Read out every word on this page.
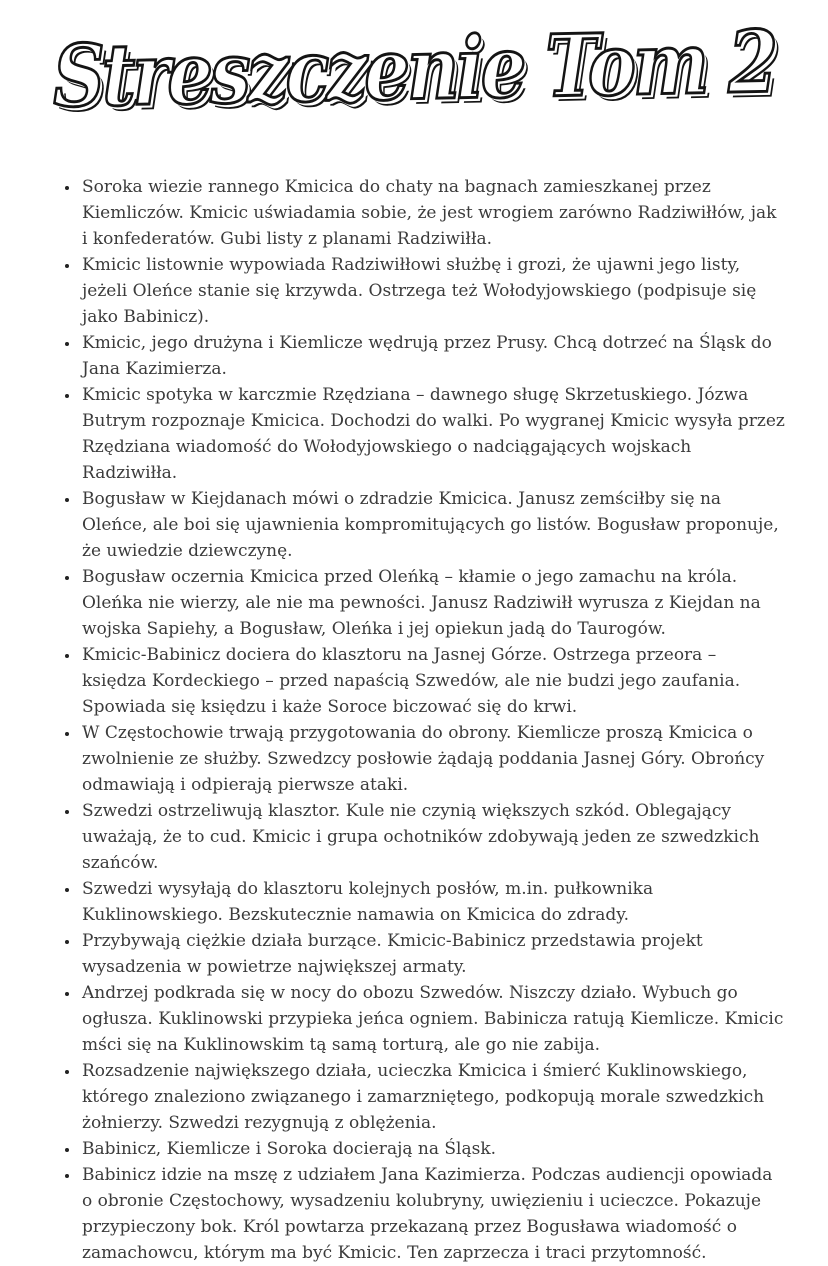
Streszczenie Tom 2
• Soroka wiezie rannego Kmicica do chaty na bagnach zamieszkanej przez Kiemliczów. Kmicic uświadamia sobie, że jest wrogiem zarówno Radziwiłłów, jak i konfederatów. Gubi listy z planami Radziwiłła.
• Kmicic listownie wypowiada Radziwiłłowi służbę i grozi, że ujawni jego listy, jeżeli Oleńce stanie się krzywda. Ostrzega też Wołodyjowskiego (podpisuje się jako Babinicz).
• Kmicic, jego drużyna i Kiemlicze wędrują przez Prusy. Chcą dotrzeć na Śląsk do Jana Kazimierza.
• Kmicic spotyka w karczmie Rzędziana – dawnego sługę Skrzetuskiego. Józwa Butrym rozpoznaje Kmicica. Dochodzi do walki. Po wygranej Kmicic wysyła przez Rzędziana wiadomość do Wołodyjowskiego o nadciągających wojskach Radziwiłła.
• Bogusław w Kiejdanach mówi o zdradzie Kmicica. Janusz zemściłby się na Oleńce, ale boi się ujawnienia kompromitujących go listów. Bogusław proponuje, że uwiedzie dziewczynę.
• Bogusław oczernia Kmicica przed Oleńką – kłamie o jego zamachu na króla. Oleńka nie wierzy, ale nie ma pewności. Janusz Radziwiłł wyrusza z Kiejdan na wojska Sapiehy, a Bogusław, Oleńka i jej opiekun jadą do Taurogów.
• Kmicic-Babinicz dociera do klasztoru na Jasnej Górze. Ostrzega przeora – księdza Kordeckiego – przed napaścią Szwedów, ale nie budzi jego zaufania. Spowiada się księdzu i każe Soroce biczować się do krwi.
• W Częstochowie trwają przygotowania do obrony. Kiemlicze proszą Kmicica o zwolnienie ze służby. Szwedzcy posłowie żądają poddania Jasnej Góry. Obrońcy odmawiają i odpierają pierwsze ataki.
• Szwedzi ostrzeliwują klasztor. Kule nie czynią większych szkód. Oblegający uważają, że to cud. Kmicic i grupa ochotników zdobywają jeden ze szwedzkich szańców.
• Szwedzi wysyłają do klasztoru kolejnych posłów, m.in. pułkownika Kuklinowskiego. Bezskutecznie namawia on Kmicica do zdrady.
• Przybywają ciężkie działa burzące. Kmicic-Babinicz przedstawia projekt wysadzenia w powietrze największej armaty.
• Andrzej podkrada się w nocy do obozu Szwedów. Niszczy działo. Wybuch go ogłusza. Kuklinowski przypieka jeńca ogniem. Babinicza ratują Kiemlicze. Kmicic mści się na Kuklinowskim tą samą torturą, ale go nie zabija.
• Rozsadzenie największego działa, ucieczka Kmicica i śmierć Kuklinowskiego, którego znaleziono związanego i zamarzniętego, podkopują morale szwedzkich żołnierzy. Szwedzi rezygnują z oblężenia.
• Babinicz, Kiemlicze i Soroka docierają na Śląsk.
• Babinicz idzie na mszę z udziałem Jana Kazimierza. Podczas audiencji opowiada o obronie Częstochowy, wysadzeniu kolubryny, uwięzieniu i ucieczce. Pokazuje przypieczony bok. Król powtarza przekazaną przez Bogusława wiadomość o zamachowcu, którym ma być Kmicic. Ten zaprzecza i traci przytomność.
